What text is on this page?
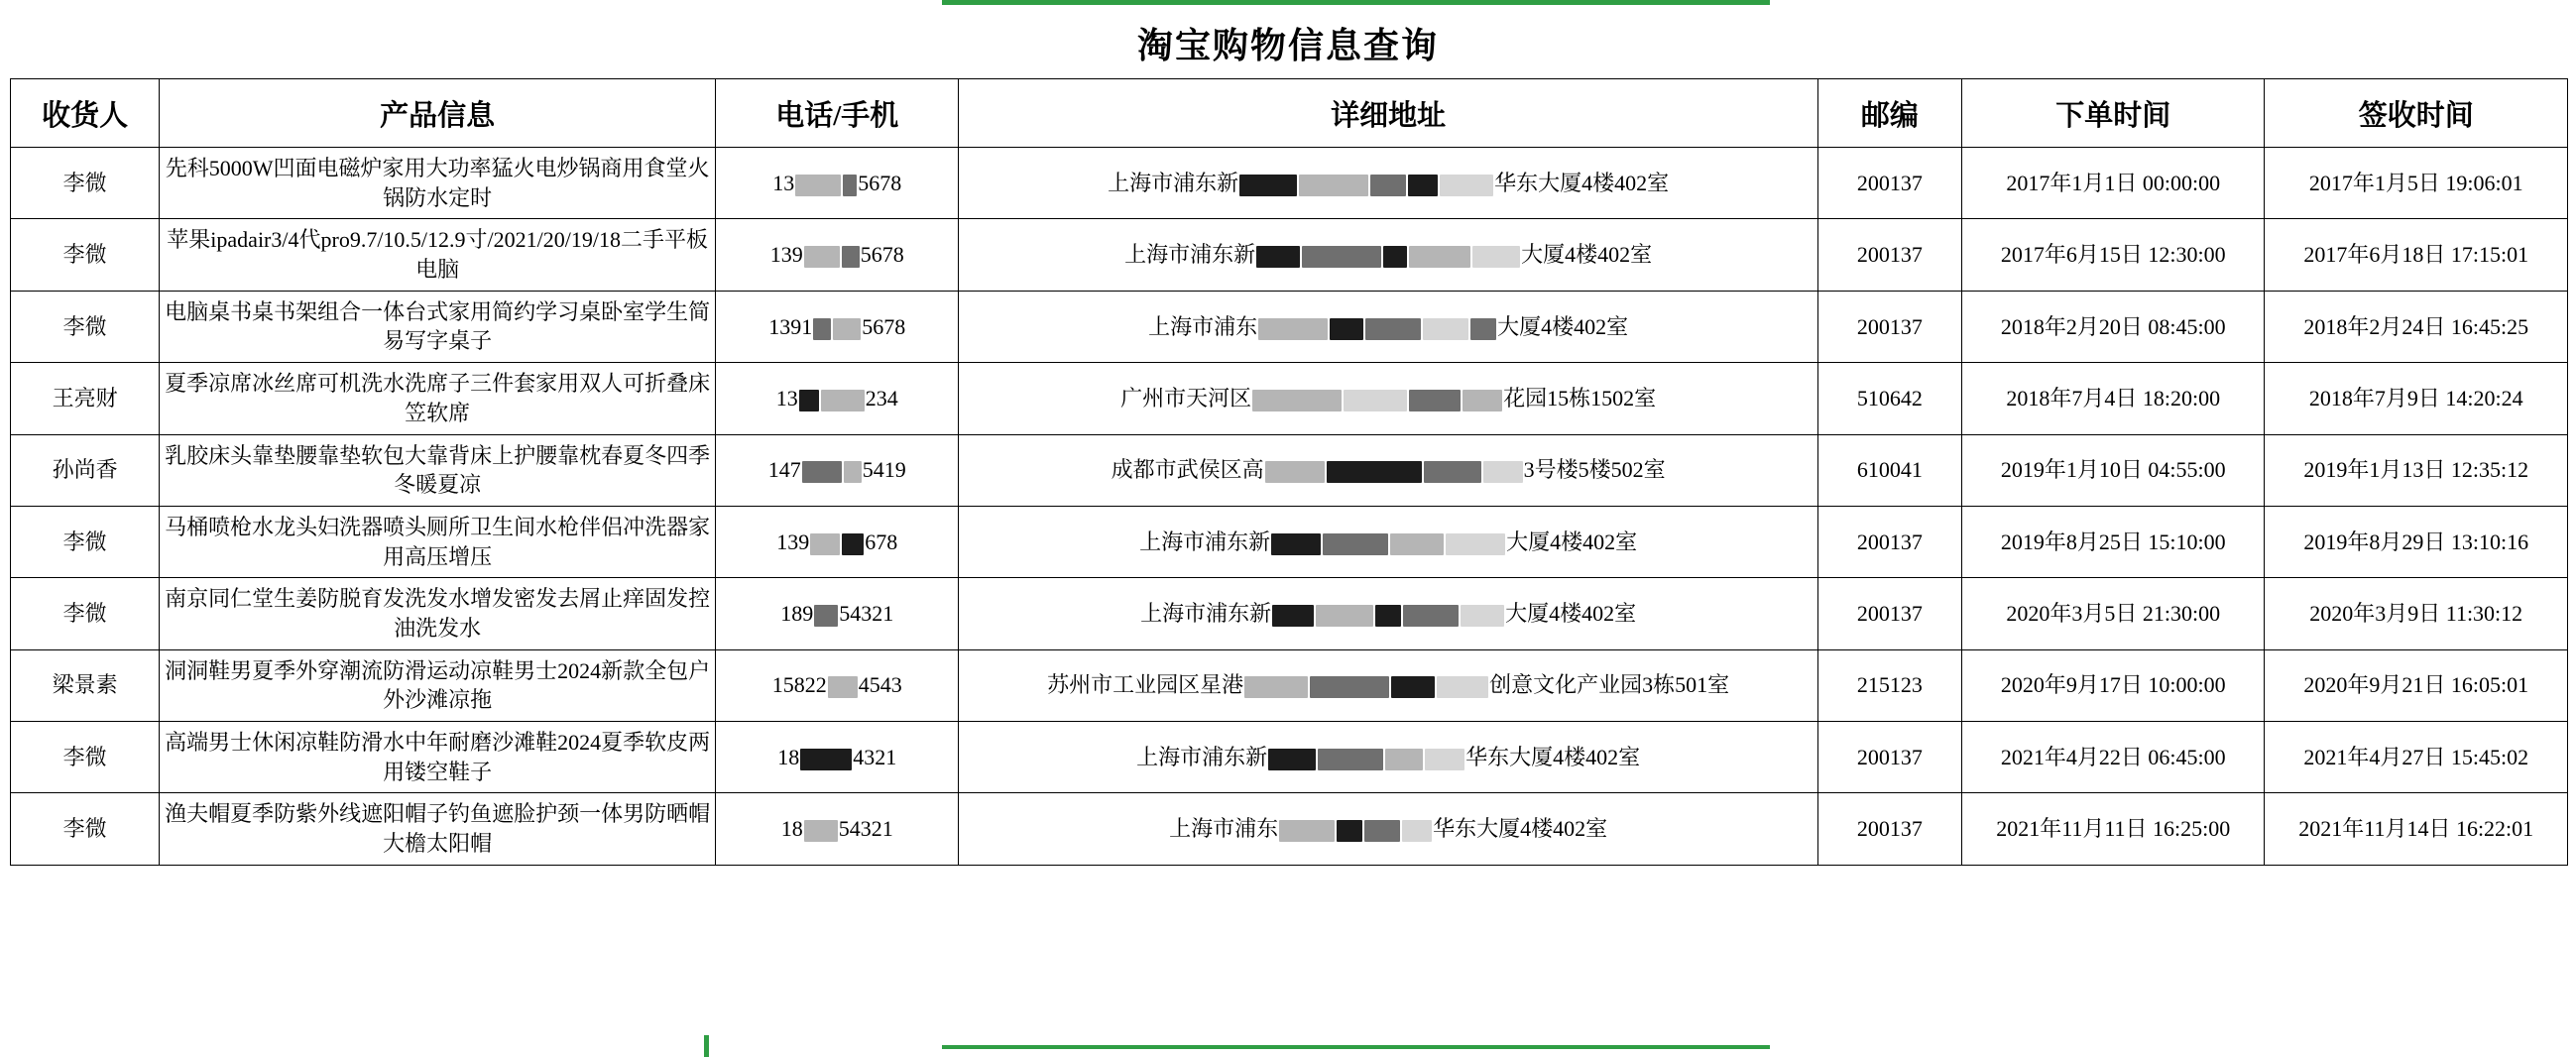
淘宝购物信息查询
收货人	产品信息	电话/手机	详细地址	邮编	下单时间	签收时间
李微	先科5000W凹面电磁炉家用大功率猛火电炒锅商用食堂火锅防水定时	13 5678	上海市浦东新 华东大厦4楼402室	200137	2017年1月1日 00:00:00	2017年1月5日 19:06:01
李微	苹果ipadair3/4代pro9.7/10.5/12.9寸/2021/20/19/18二手平板电脑	139 5678	上海市浦东新 大厦4楼402室	200137	2017年6月15日 12:30:00	2017年6月18日 17:15:01
李微	电脑桌书桌书架组合一体台式家用简约学习桌卧室学生简易写字桌子	1391 5678	上海市浦东 大厦4楼402室	200137	2018年2月20日 08:45:00	2018年2月24日 16:45:25
王亮财	夏季凉席冰丝席可机洗水洗席子三件套家用双人可折叠床笠软席	13 234	广州市天河区 花园15栋1502室	510642	2018年7月4日 18:20:00	2018年7月9日 14:20:24
孙尚香	乳胶床头靠垫腰靠垫软包大靠背床上护腰靠枕春夏冬四季冬暖夏凉	147 5419	成都市武侯区高 3号楼5楼502室	610041	2019年1月10日 04:55:00	2019年1月13日 12:35:12
李微	马桶喷枪水龙头妇洗器喷头厕所卫生间水枪伴侣冲洗器家用高压增压	139 678	上海市浦东新 大厦4楼402室	200137	2019年8月25日 15:10:00	2019年8月29日 13:10:16
李微	南京同仁堂生姜防脱育发洗发水增发密发去屑止痒固发控油洗发水	189 54321	上海市浦东新 大厦4楼402室	200137	2020年3月5日 21:30:00	2020年3月9日 11:30:12
梁景素	洞洞鞋男夏季外穿潮流防滑运动凉鞋男士2024新款全包户外沙滩凉拖	15822 4543	苏州市工业园区星港 创意文化产业园3栋501室	215123	2020年9月17日 10:00:00	2020年9月21日 16:05:01
李微	高端男士休闲凉鞋防滑水中年耐磨沙滩鞋2024夏季软皮两用镂空鞋子	18 4321	上海市浦东新 华东大厦4楼402室	200137	2021年4月22日 06:45:00	2021年4月27日 15:45:02
李微	渔夫帽夏季防紫外线遮阳帽子钓鱼遮脸护颈一体男防晒帽大檐太阳帽	18 54321	上海市浦东 华东大厦4楼402室	200137	2021年11月11日 16:25:00	2021年11月14日 16:22:01
